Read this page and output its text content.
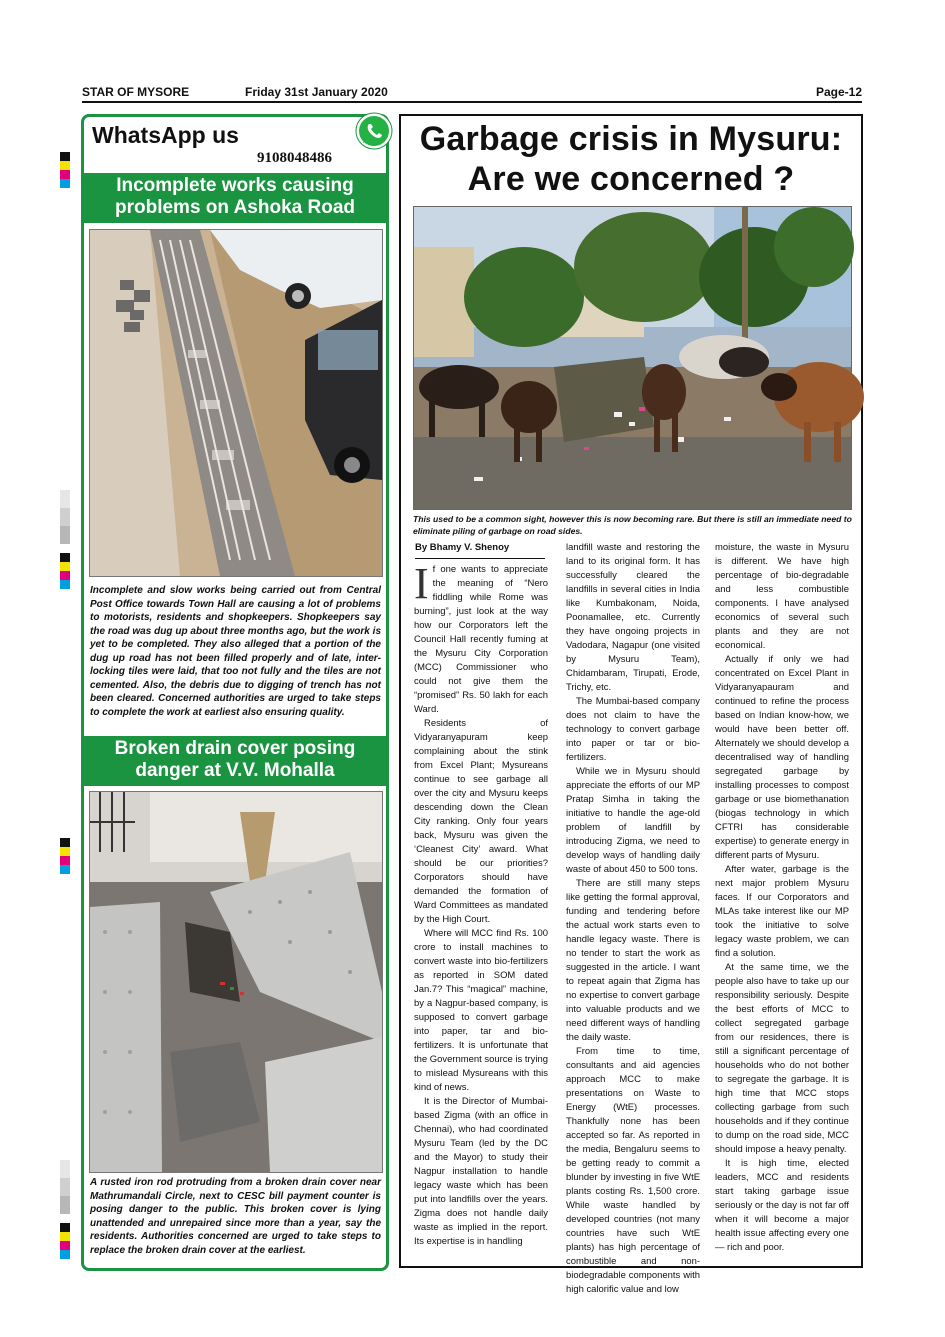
STAR OF MYSORE	Friday 31st January 2020	Page-12
WhatsApp us
9108048486
Incomplete works causing problems on Ashoka Road
Incomplete and slow works being carried out from Central Post Office towards Town Hall are causing a lot of problems to motorists, residents and shopkeepers. Shopkeepers say the road was dug up about three months ago, but the work is yet to be completed. They also alleged that a portion of the dug up road has not been filled properly and of late, inter-locking tiles were laid, that too not fully and the tiles are not cemented. Also, the debris due to digging of trench has not been cleared. Concerned authorities are urged to take steps to complete the work at earliest also ensuring quality.
Broken drain cover posing danger at V.V. Mohalla
A rusted iron rod protruding from a broken drain cover near Mathrumandali Circle, next to CESC bill payment counter is posing danger to the public. This broken cover is lying unattended and unrepaired since more than a year, say the residents. Authorities concerned are urged to take steps to replace the broken drain cover at the earliest.
Garbage crisis in Mysuru: Are we concerned ?
This used to be a common sight, however this is now becoming rare. But there is still an immediate need to eliminate piling of garbage on road sides.
By Bhamy V. Shenoy

If one wants to appreciate the meaning of “Nero fiddling while Rome was burning”, just look at the way how our Corporators left the Council Hall recently fuming at the Mysuru City Corporation (MCC) Commissioner who could not give them the “promised” Rs. 50 lakh for each Ward.

Residents of Vidyaranyapuram keep complaining about the stink from Excel Plant; Mysureans continue to see garbage all over the city and Mysuru keeps descending down the Clean City ranking. Only four years back, Mysuru was given the ‘Cleanest City’ award. What should be our priorities? Corporators should have demanded the formation of Ward Committees as mandated by the High Court.

Where will MCC find Rs. 100 crore to install machines to convert waste into bio-fertilizers as reported in SOM dated Jan.7? This “magical” machine, by a Nagpur-based company, is supposed to convert garbage into paper, tar and bio-fertilizers. It is unfortunate that the Government source is trying to mislead Mysureans with this kind of news.

It is the Director of Mumbai-based Zigma (with an office in Chennai), who had coordinated Mysuru Team (led by the DC and the Mayor) to study their Nagpur installation to handle legacy waste which has been put into landfills over the years. Zigma does not handle daily waste as implied in the report. Its expertise is in handling

landfill waste and restoring the land to its original form. It has successfully cleared the landfills in several cities in India like Kumbakonam, Noida, Poonamallee, etc. Currently they have ongoing projects in Vadodara, Nagapur (one visited by Mysuru Team), Chidambaram, Tirupati, Erode, Trichy, etc.

The Mumbai-based company does not claim to have the technology to convert garbage into paper or tar or bio-fertilizers.

While we in Mysuru should appreciate the efforts of our MP Pratap Simha in taking the initiative to handle the age-old problem of landfill by introducing Zigma, we need to develop ways of handling daily waste of about 450 to 500 tons.

There are still many steps like getting the formal approval, funding and tendering before the actual work starts even to handle legacy waste. There is no tender to start the work as suggested in the article. I want to repeat again that Zigma has no expertise to convert garbage into valuable products and we need different ways of handling the daily waste.

From time to time, consultants and aid agencies approach MCC to make presentations on Waste to Energy (WtE) processes. Thankfully none has been accepted so far. As reported in the media, Bengaluru seems to be getting ready to commit a blunder by investing in five WtE plants costing Rs. 1,500 crore. While waste handled by developed countries (not many countries have such WtE plants) has high percentage of combustible and non-biodegradable components with high calorific value and low

moisture, the waste in Mysuru is different. We have high percentage of bio-degradable and less combustible components. I have analysed economics of several such plants and they are not economical.

Actually if only we had concentrated on Excel Plant in Vidyaranyapauram and continued to refine the process based on Indian know-how, we would have been better off. Alternately we should develop a decentralised way of handling segregated garbage by installing processes to compost garbage or use biomethanation (biogas technology in which CFTRI has considerable expertise) to generate energy in different parts of Mysuru.

After water, garbage is the next major problem Mysuru faces. If our Corporators and MLAs take interest like our MP took the initiative to solve legacy waste problem, we can find a solution.

At the same time, we the people also have to take up our responsibility seriously. Despite the best efforts of MCC to collect segregated garbage from our residences, there is still a significant percentage of households who do not bother to segregate the garbage. It is high time that MCC stops collecting garbage from such households and if they continue to dump on the road side, MCC should impose a heavy penalty.

It is high time, elected leaders, MCC and residents start taking garbage issue seriously or the day is not far off when it will become a major health issue affecting every one — rich and poor.
